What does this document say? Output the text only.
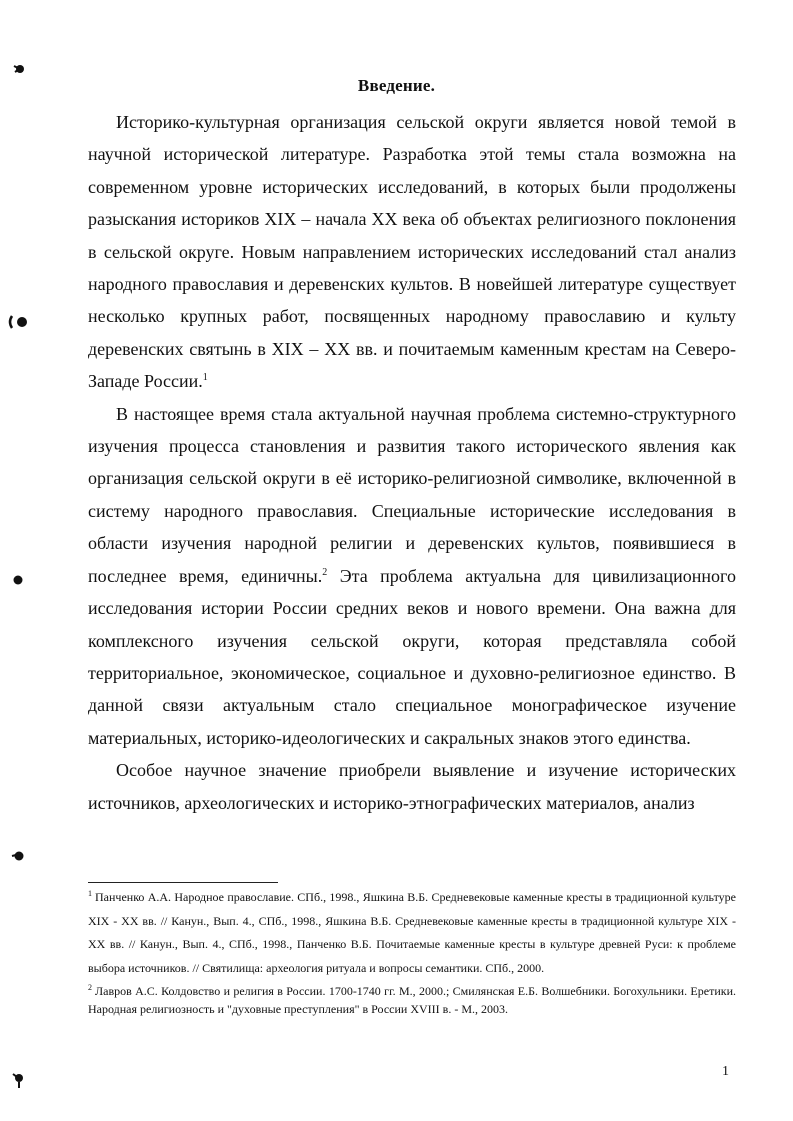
Введение.

Историко-культурная организация сельской округи является новой темой в научной исторической литературе. Разработка этой темы стала возможна на современном уровне исторических исследований, в которых были продолжены разыскания историков XIX – начала XX века об объектах религиозного поклонения в сельской округе. Новым направлением исторических исследований стал анализ народного православия и деревенских культов. В новейшей литературе существует несколько крупных работ, посвященных народному православию и культу деревенских святынь в XIX – XX вв. и почитаемым каменным крестам на Северо-Западе России.$^1$

В настоящее время стала актуальной научная проблема системно-структурного изучения процесса становления и развития такого исторического явления как организация сельской округи в её историко-религиозной символике, включенной в систему народного православия. Специальные исторические исследования в области изучения народной религии и деревенских культов, появившиеся в последнее время, единичны.$^2$ Эта проблема актуальна для цивилизационного исследования истории России средних веков и нового времени. Она важна для комплексного изучения сельской округи, которая представляла собой территориальное, экономическое, социальное и духовно-религиозное единство. В данной связи актуальным стало специальное монографическое изучение материальных, историко-идеологических и сакральных знаков этого единства.

Особое научное значение приобрели выявление и изучение исторических источников, археологических и историко-этнографических материалов, анализ

$^1$ Панченко А.А. Народное православие. СПб., 1998., Яшкина В.Б. Средневековые каменные кресты в традиционной культуре XIX - XX вв. // Канун., Вып. 4., СПб., 1998., Яшкина В.Б. Средневековые каменные кресты в традиционной культуре XIX - XX вв. // Канун., Вып. 4., СПб., 1998., Панченко В.Б. Почитаемые каменные кресты в культуре древней Руси: к проблеме выбора источников. // Святилища: археология ритуала и вопросы семантики. СПб., 2000.

$^2$ Лавров А.С. Колдовство и религия в России. 1700-1740 гг. М., 2000.; Смилянская Е.Б. Волшебники. Богохульники. Еретики. Народная религиозность и "духовные преступления" в России XVIII в. - М., 2003.

1
